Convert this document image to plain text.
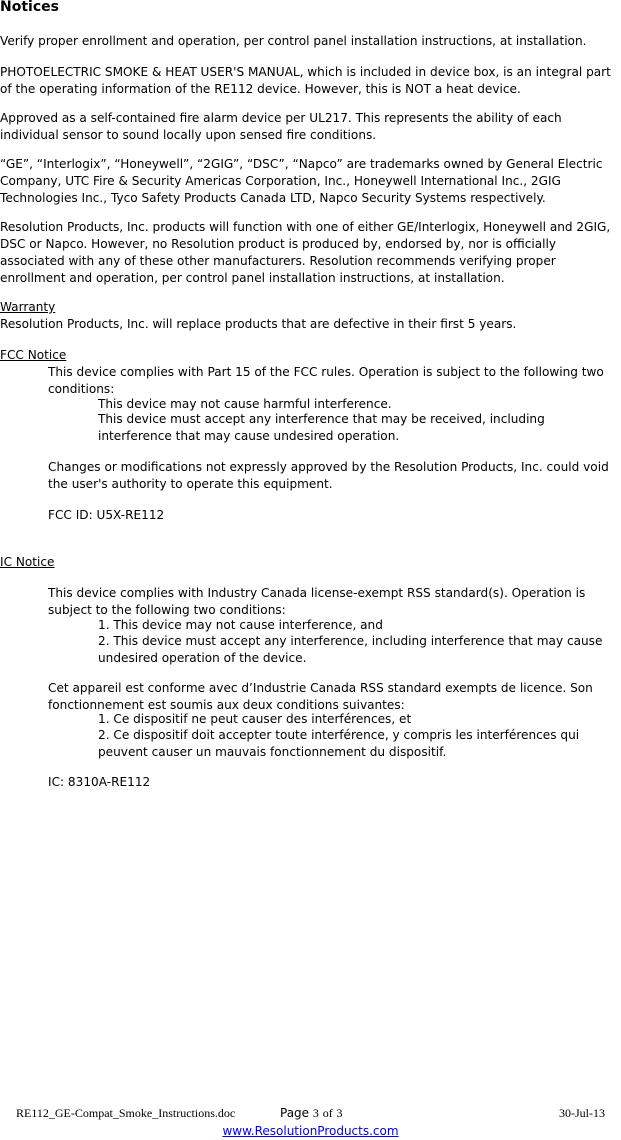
Notices

Verify proper enrollment and operation, per control panel installation instructions, at installation.

PHOTOELECTRIC SMOKE & HEAT USER'S MANUAL, which is included in device box, is an integral part of the operating information of the RE112 device. However, this is NOT a heat device.

Approved as a self-contained fire alarm device per UL217. This represents the ability of each individual sensor to sound locally upon sensed fire conditions.

“GE”, “Interlogix”, “Honeywell”, “2GIG”, “DSC”, “Napco” are trademarks owned by General Electric Company, UTC Fire & Security Americas Corporation, Inc., Honeywell International Inc., 2GIG Technologies Inc., Tyco Safety Products Canada LTD, Napco Security Systems respectively.

Resolution Products, Inc. products will function with one of either GE/Interlogix, Honeywell and 2GIG, DSC or Napco. However, no Resolution product is produced by, endorsed by, nor is officially associated with any of these other manufacturers. Resolution recommends verifying proper enrollment and operation, per control panel installation instructions, at installation.

Warranty

Resolution Products, Inc. will replace products that are defective in their first 5 years.

FCC Notice

This device complies with Part 15 of the FCC rules. Operation is subject to the following two conditions:

This device may not cause harmful interference.

This device must accept any interference that may be received, including interference that may cause undesired operation.

Changes or modifications not expressly approved by the Resolution Products, Inc. could void the user's authority to operate this equipment.

FCC ID: U5X-RE112

IC Notice

This device complies with Industry Canada license-exempt RSS standard(s). Operation is subject to the following two conditions:

1. This device may not cause interference, and

2. This device must accept any interference, including interference that may cause undesired operation of the device.

Cet appareil est conforme avec d’Industrie Canada RSS standard exempts de licence. Son fonctionnement est soumis aux deux conditions suivantes:

1. Ce dispositif ne peut causer des interférences, et

2. Ce dispositif doit accepter toute interférence, y compris les interférences qui peuvent causer un mauvais fonctionnement du dispositif.

IC: 8310A-RE112

RE112_GE-Compat_Smoke_Instructions.doc	Page 3 of 3	30-Jul-13
www.ResolutionProducts.com
